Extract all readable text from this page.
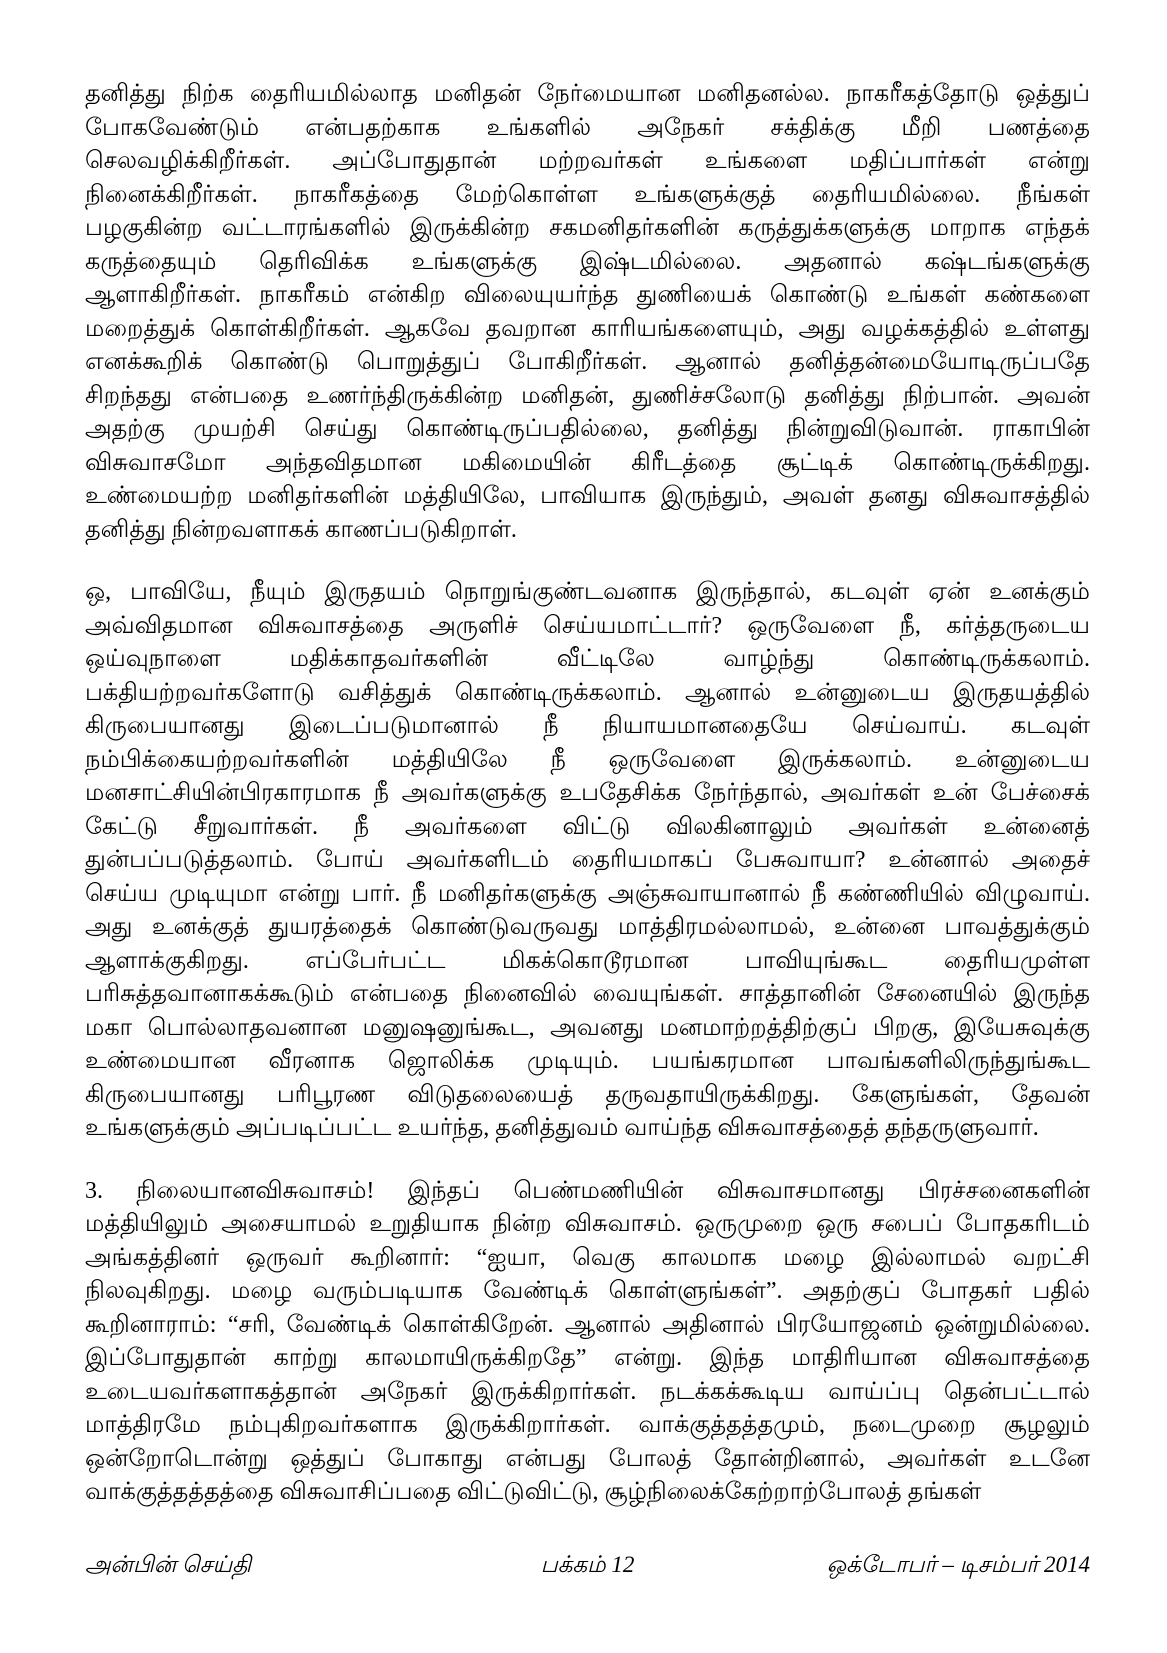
தனித்து நிற்க தைரியமில்லாத மனிதன் நேர்மையான மனிதனல்ல. நாகரீகத்தோடு ஒத்துப்
போகவேண்டும் என்பதற்காக உங்களில் அநேகர் சக்திக்கு மீறி பணத்தை
செலவழிக்கிறீர்கள். அப்போதுதான் மற்றவர்கள் உங்களை மதிப்பார்கள் என்று
நினைக்கிறீர்கள். நாகரீகத்தை மேற்கொள்ள உங்களுக்குத் தைரியமில்லை. நீங்கள்
பழகுகின்ற வட்டாரங்களில் இருக்கின்ற சகமனிதர்களின் கருத்துக்களுக்கு மாறாக எந்தக்
கருத்தையும் தெரிவிக்க உங்களுக்கு இஷ்டமில்லை. அதனால் கஷ்டங்களுக்கு
ஆளாகிறீர்கள். நாகரீகம் என்கிற விலையுயர்ந்த துணியைக் கொண்டு உங்கள் கண்களை
மறைத்துக் கொள்கிறீர்கள். ஆகவே தவறான காரியங்களையும், அது வழக்கத்தில் உள்ளது
எனக்கூறிக் கொண்டு பொறுத்துப் போகிறீர்கள். ஆனால் தனித்தன்மையோடிருப்பதே
சிறந்தது என்பதை உணர்ந்திருக்கின்ற மனிதன், துணிச்சலோடு தனித்து நிற்பான். அவன்
அதற்கு முயற்சி செய்து கொண்டிருப்பதில்லை, தனித்து நின்றுவிடுவான். ராகாபின்
விசுவாசமோ அந்தவிதமான மகிமையின் கிரீடத்தை சூட்டிக் கொண்டிருக்கிறது.
உண்மையற்ற மனிதர்களின் மத்தியிலே, பாவியாக இருந்தும், அவள் தனது விசுவாசத்தில்
தனித்து நின்றவளாகக் காணப்படுகிறாள்.
ஒ, பாவியே, நீயும் இருதயம் நொறுங்குண்டவனாக இருந்தால், கடவுள் ஏன் உனக்கும்
அவ்விதமான விசுவாசத்தை அருளிச் செய்யமாட்டார்? ஒருவேளை நீ, கர்த்தருடைய
ஒய்வுநாளை மதிக்காதவர்களின் வீட்டிலே வாழ்ந்து கொண்டிருக்கலாம்.
பக்தியற்றவர்களோடு வசித்துக் கொண்டிருக்கலாம். ஆனால் உன்னுடைய இருதயத்தில்
கிருபையானது இடைப்படுமானால் நீ நியாயமானதையே செய்வாய். கடவுள்
நம்பிக்கையற்றவர்களின் மத்தியிலே நீ ஒருவேளை இருக்கலாம். உன்னுடைய
மனசாட்சியின்பிரகாரமாக நீ அவர்களுக்கு உபதேசிக்க நேர்ந்தால், அவர்கள் உன் பேச்சைக்
கேட்டு சீறுவார்கள். நீ அவர்களை விட்டு விலகினாலும் அவர்கள் உன்னைத்
துன்பப்படுத்தலாம். போய் அவர்களிடம் தைரியமாகப் பேசுவாயா? உன்னால் அதைச்
செய்ய முடியுமா என்று பார். நீ மனிதர்களுக்கு அஞ்சுவாயானால் நீ கண்ணியில் விழுவாய்.
அது உனக்குத் துயரத்தைக் கொண்டுவருவது மாத்திரமல்லாமல், உன்னை பாவத்துக்கும்
ஆளாக்குகிறது. எப்பேர்பட்ட மிகக்கொடூரமான பாவியுங்கூட தைரியமுள்ள
பரிசுத்தவானாகக்கூடும் என்பதை நினைவில் வையுங்கள். சாத்தானின் சேனையில் இருந்த
மகா பொல்லாதவனான மனுஷனுங்கூட, அவனது மனமாற்றத்திற்குப் பிறகு, இயேசுவுக்கு
உண்மையான வீரனாக ஜொலிக்க முடியும். பயங்கரமான பாவங்களிலிருந்துங்கூட
கிருபையானது பரிபூரண விடுதலையைத் தருவதாயிருக்கிறது. கேளுங்கள், தேவன்
உங்களுக்கும் அப்படிப்பட்ட உயர்ந்த, தனித்துவம் வாய்ந்த விசுவாசத்தைத் தந்தருளுவார்.
3. நிலையானவிசுவாசம்! இந்தப் பெண்மணியின் விசுவாசமானது பிரச்சனைகளின்
மத்தியிலும் அசையாமல் உறுதியாக நின்ற விசுவாசம். ஒருமுறை ஒரு சபைப் போதகரிடம்
அங்கத்தினர் ஒருவர் கூறினார்: “ஐயா, வெகு காலமாக மழை இல்லாமல் வறட்சி
நிலவுகிறது. மழை வரும்படியாக வேண்டிக் கொள்ளுங்கள்”. அதற்குப் போதகர் பதில்
கூறினாராம்: “சரி, வேண்டிக் கொள்கிறேன். ஆனால் அதினால் பிரயோஜனம் ஒன்றுமில்லை.
இப்போதுதான் காற்று காலமாயிருக்கிறதே” என்று. இந்த மாதிரியான விசுவாசத்தை
உடையவர்களாகத்தான் அநேகர் இருக்கிறார்கள். நடக்கக்கூடிய வாய்ப்பு தென்பட்டால்
மாத்திரமே நம்புகிறவர்களாக இருக்கிறார்கள். வாக்குத்தத்தமும், நடைமுறை சூழலும்
ஒன்றோடொன்று ஒத்துப் போகாது என்பது போலத் தோன்றினால், அவர்கள் உடனே
வாக்குத்தத்தத்தை விசுவாசிப்பதை விட்டுவிட்டு, சூழ்நிலைக்கேற்றாற்போலத் தங்கள்
அன்பின் செய்தி	பக்கம் 12	ஒக்டோபர் – டிசம்பர் 2014
